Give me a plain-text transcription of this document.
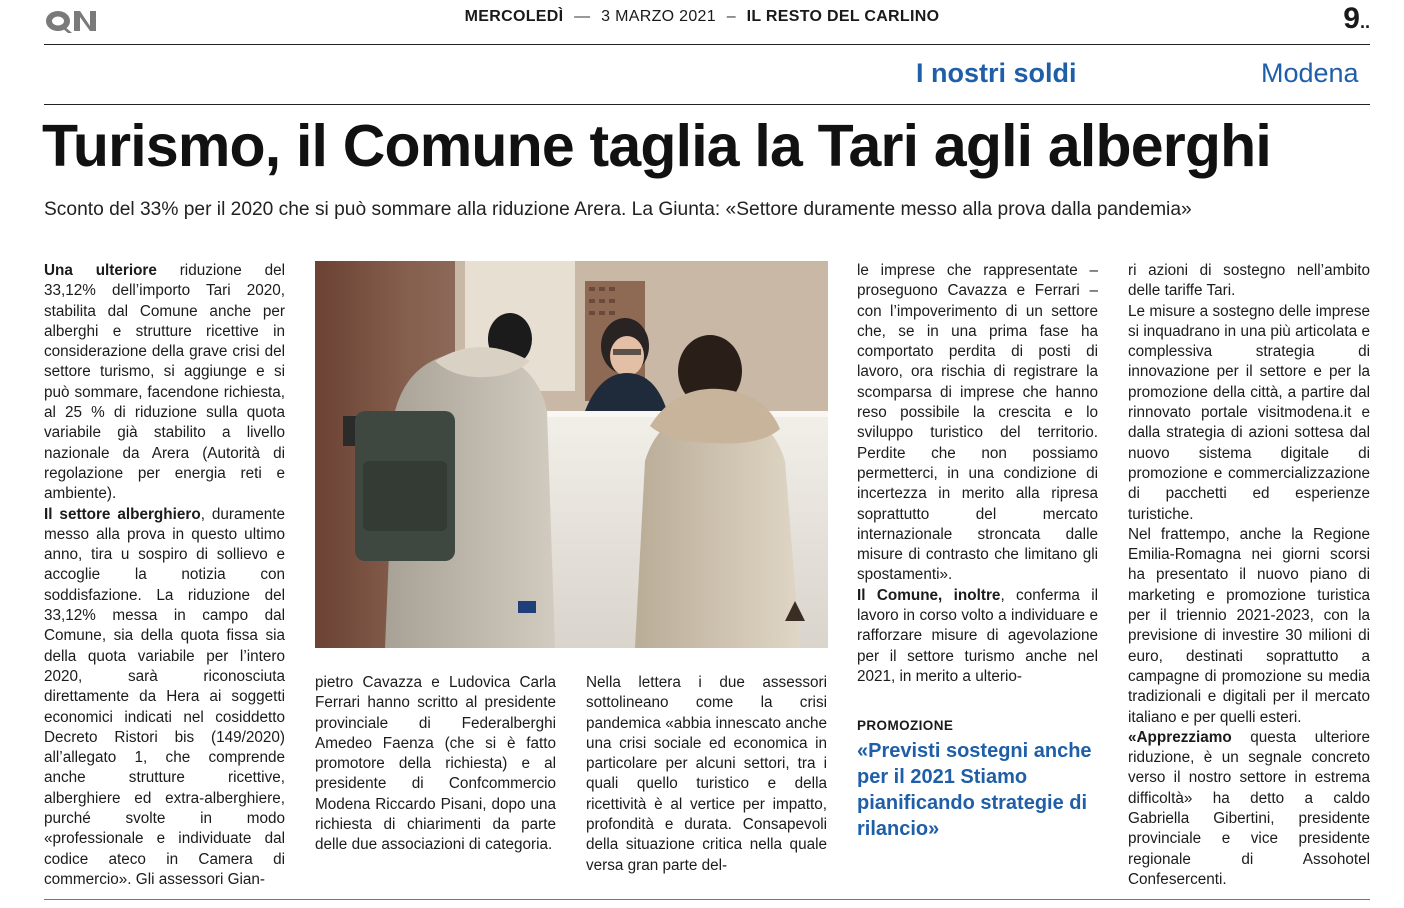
MERCOLEDÌ — 3 MARZO 2021 – IL RESTO DEL CARLINO	9..
I nostri soldi	Modena
Turismo, il Comune taglia la Tari agli alberghi
Sconto del 33% per il 2020 che si può sommare alla riduzione Arera. La Giunta: «Settore duramente messo alla prova dalla pandemia»
Una ulteriore riduzione del 33,12% dell’importo Tari 2020, stabilita dal Comune anche per alberghi e strutture ricettive in considerazione della grave crisi del settore turismo, si aggiunge e si può sommare, facendone richiesta, al 25 % di riduzione sulla quota variabile già stabilito a livello nazionale da Arera (Autorità di regolazione per energia reti e ambiente).
Il settore alberghiero, duramente messo alla prova in questo ultimo anno, tira u sospiro di sollievo e accoglie la notizia con soddisfazione. La riduzione del 33,12% messa in campo dal Comune, sia della quota fissa sia della quota variabile per l’intero 2020, sarà riconosciuta direttamente da Hera ai soggetti economici indicati nel cosiddetto Decreto Ristori bis (149/2020) all’allegato 1, che comprende anche strutture ricettive, alberghiere ed extra-alberghiere, purché svolte in modo «professionale e individuate dal codice ateco in Camera di commercio». Gli assessori Gian-
pietro Cavazza e Ludovica Carla Ferrari hanno scritto al presidente provinciale di Federalberghi Amedeo Faenza (che si è fatto promotore della richiesta) e al presidente di Confcommercio Modena Riccardo Pisani, dopo una richiesta di chiarimenti da parte delle due associazioni di categoria.
Nella lettera i due assessori sottolineano come la crisi pandemica «abbia innescato anche una crisi sociale ed economica in particolare per alcuni settori, tra i quali quello turistico e della ricettività è al vertice per impatto, profondità e durata. Consapevoli della situazione critica nella quale versa gran parte del-
le imprese che rappresentate – proseguono Cavazza e Ferrari – con l’impoverimento di un settore che, se in una prima fase ha comportato perdita di posti di lavoro, ora rischia di registrare la scomparsa di imprese che hanno reso possibile la crescita e lo sviluppo turistico del territorio. Perdite che non possiamo permetterci, in una condizione di incertezza in merito alla ripresa soprattutto del mercato internazionale stroncata dalle misure di contrasto che limitano gli spostamenti».
Il Comune, inoltre, conferma il lavoro in corso volto a individuare e rafforzare misure di agevolazione per il settore turismo anche nel 2021, in merito a ulterio-
PROMOZIONE
«Previsti sostegni anche per il 2021 Stiamo pianificando strategie di rilancio»
ri azioni di sostegno nell’ambito delle tariffe Tari.
Le misure a sostegno delle imprese si inquadrano in una più articolata e complessiva strategia di innovazione per il settore e per la promozione della città, a partire dal rinnovato portale visitmodena.it e dalla strategia di azioni sottesa dal nuovo sistema digitale di promozione e commercializzazione di pacchetti ed esperienze turistiche.
Nel frattempo, anche la Regione Emilia-Romagna nei giorni scorsi ha presentato il nuovo piano di marketing e promozione turistica per il triennio 2021-2023, con la previsione di investire 30 milioni di euro, destinati soprattutto a campagne di promozione su media tradizionali e digitali per il mercato italiano e per quelli esteri.
«Apprezziamo questa ulteriore riduzione, è un segnale concreto verso il nostro settore in estrema difficoltà» ha detto a caldo Gabriella Gibertini, presidente provinciale e vice presidente regionale di Assohotel Confesercenti.
